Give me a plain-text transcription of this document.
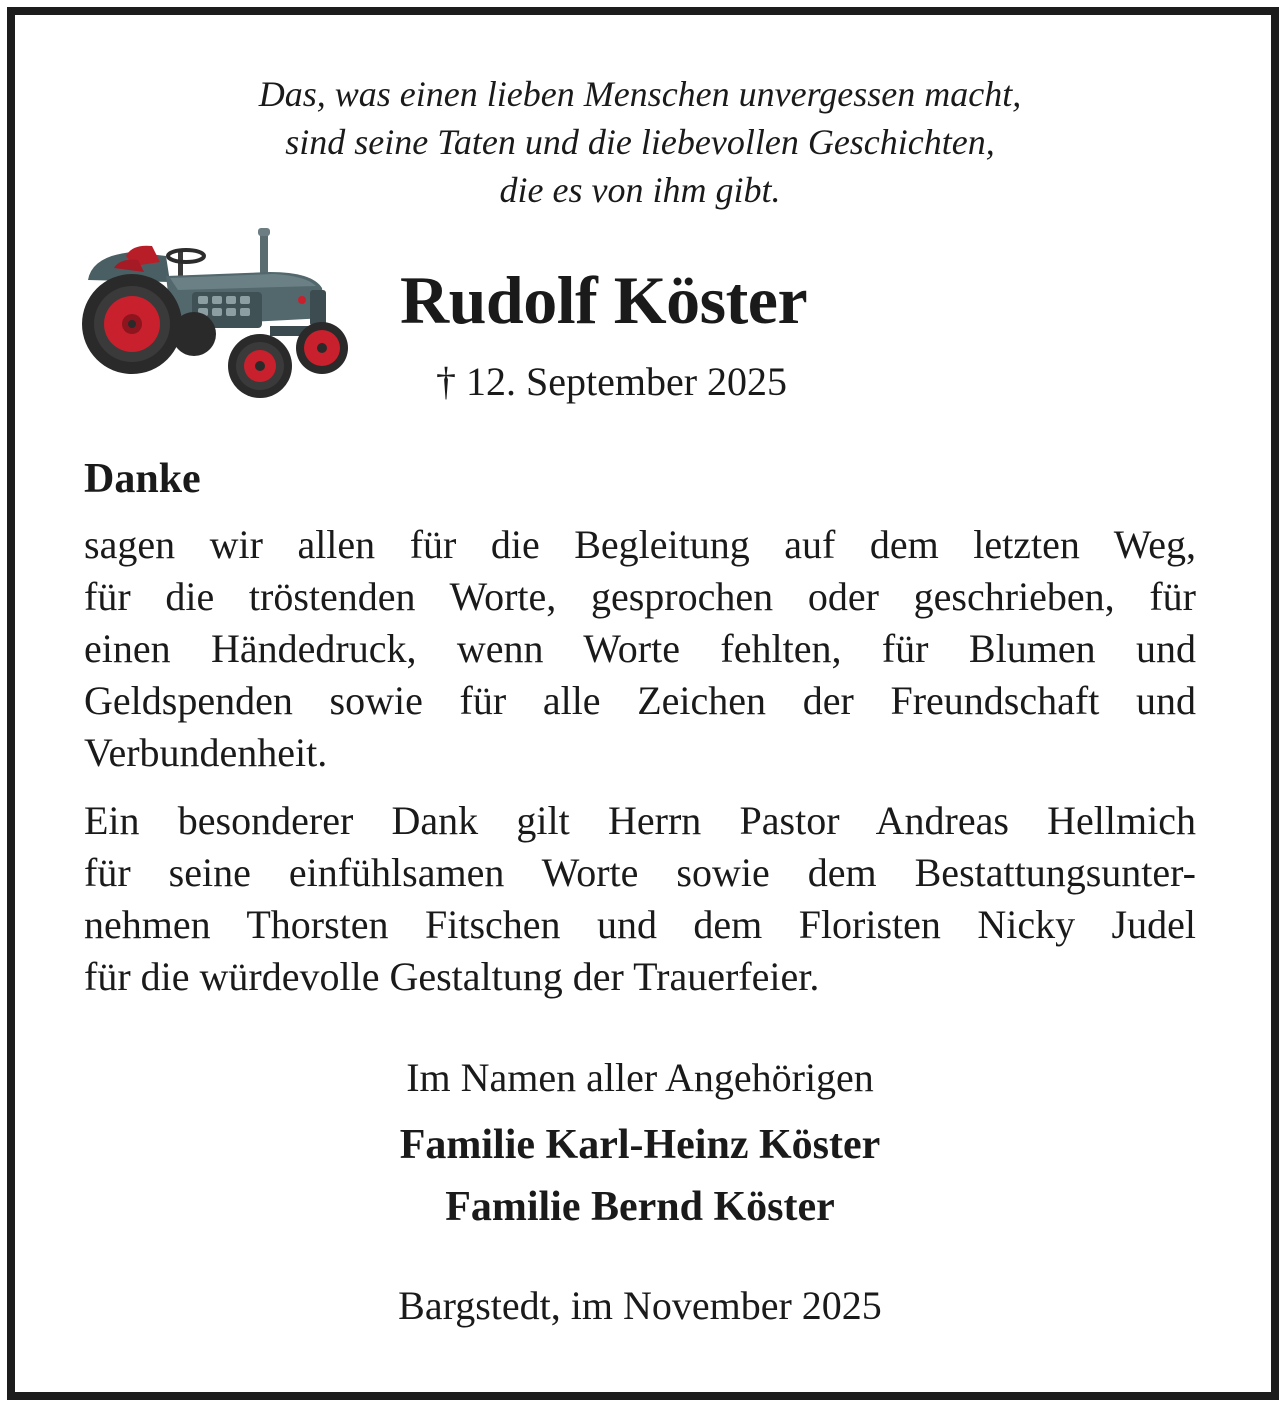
Das, was einen lieben Menschen unvergessen macht,
sind seine Taten und die liebevollen Geschichten,
die es von ihm gibt.
Rudolf Köster
† 12. September 2025
Danke
sagen wir allen für die Begleitung auf dem letzten Weg,
für die tröstenden Worte, gesprochen oder geschrieben, für
einen Händedruck, wenn Worte fehlten, für Blumen und
Geldspenden sowie für alle Zeichen der Freundschaft und
Verbundenheit.
Ein besonderer Dank gilt Herrn Pastor Andreas Hellmich
für seine einfühlsamen Worte sowie dem Bestattungsunter-
nehmen Thorsten Fitschen und dem Floristen Nicky Judel
für die würdevolle Gestaltung der Trauerfeier.
Im Namen aller Angehörigen
Familie Karl-Heinz Köster
Familie Bernd Köster
Bargstedt, im November 2025
